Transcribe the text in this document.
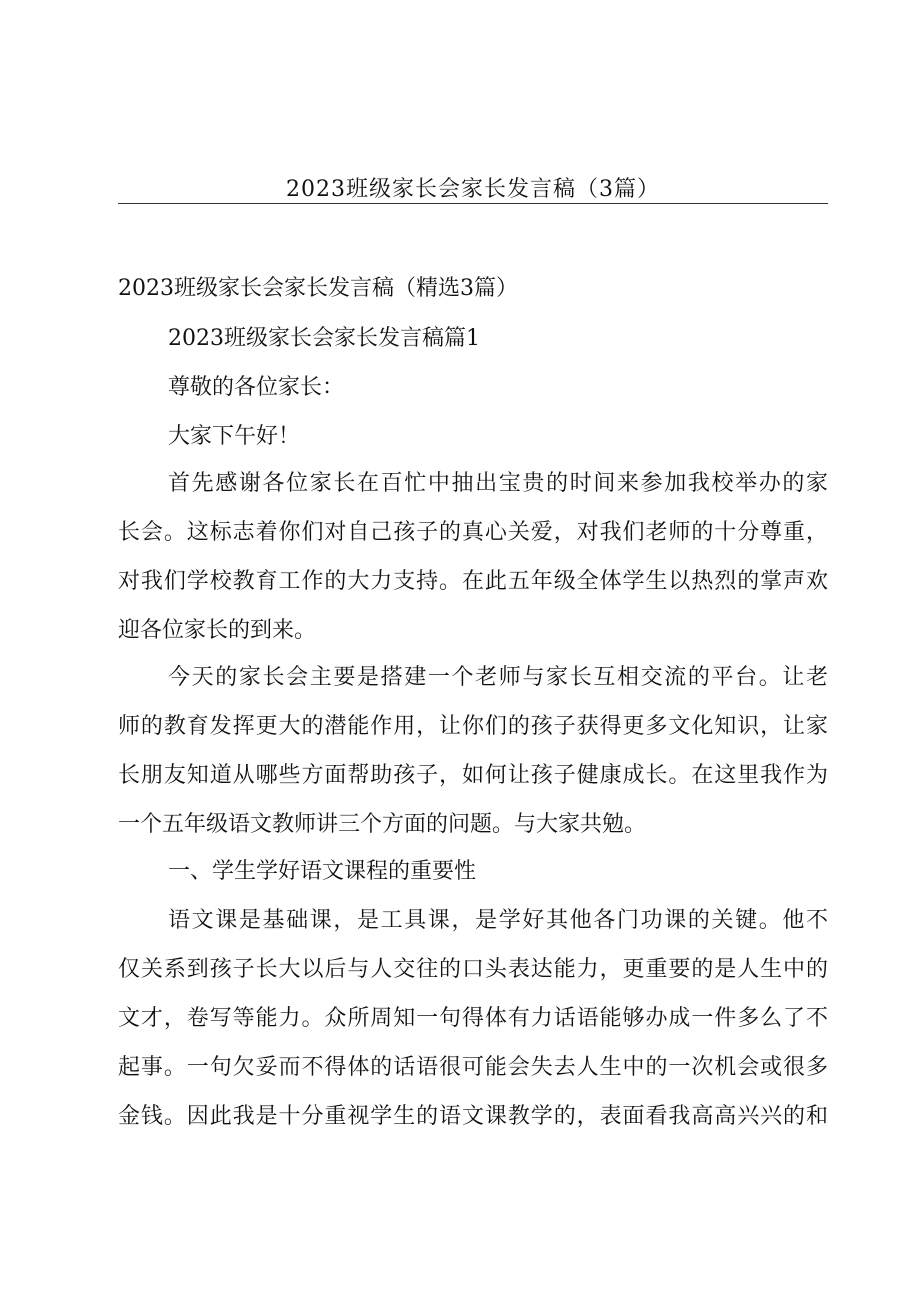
2023班级家长会家长发言稿（3篇）
2023班级家长会家长发言稿（精选3篇）
2023班级家长会家长发言稿篇1
尊敬的各位家长：
大家下午好！
首先感谢各位家长在百忙中抽出宝贵的时间来参加我校举办的家
长会。这标志着你们对自己孩子的真心关爱，对我们老师的十分尊重，
对我们学校教育工作的大力支持。在此五年级全体学生以热烈的掌声欢
迎各位家长的到来。
今天的家长会主要是搭建一个老师与家长互相交流的平台。让老
师的教育发挥更大的潜能作用，让你们的孩子获得更多文化知识，让家
长朋友知道从哪些方面帮助孩子，如何让孩子健康成长。在这里我作为
一个五年级语文教师讲三个方面的问题。与大家共勉。
一、学生学好语文课程的重要性
语文课是基础课，是工具课，是学好其他各门功课的关键。他不
仅关系到孩子长大以后与人交往的口头表达能力，更重要的是人生中的
文才，卷写等能力。众所周知一句得体有力话语能够办成一件多么了不
起事。一句欠妥而不得体的话语很可能会失去人生中的一次机会或很多
金钱。因此我是十分重视学生的语文课教学的，表面看我高高兴兴的和
